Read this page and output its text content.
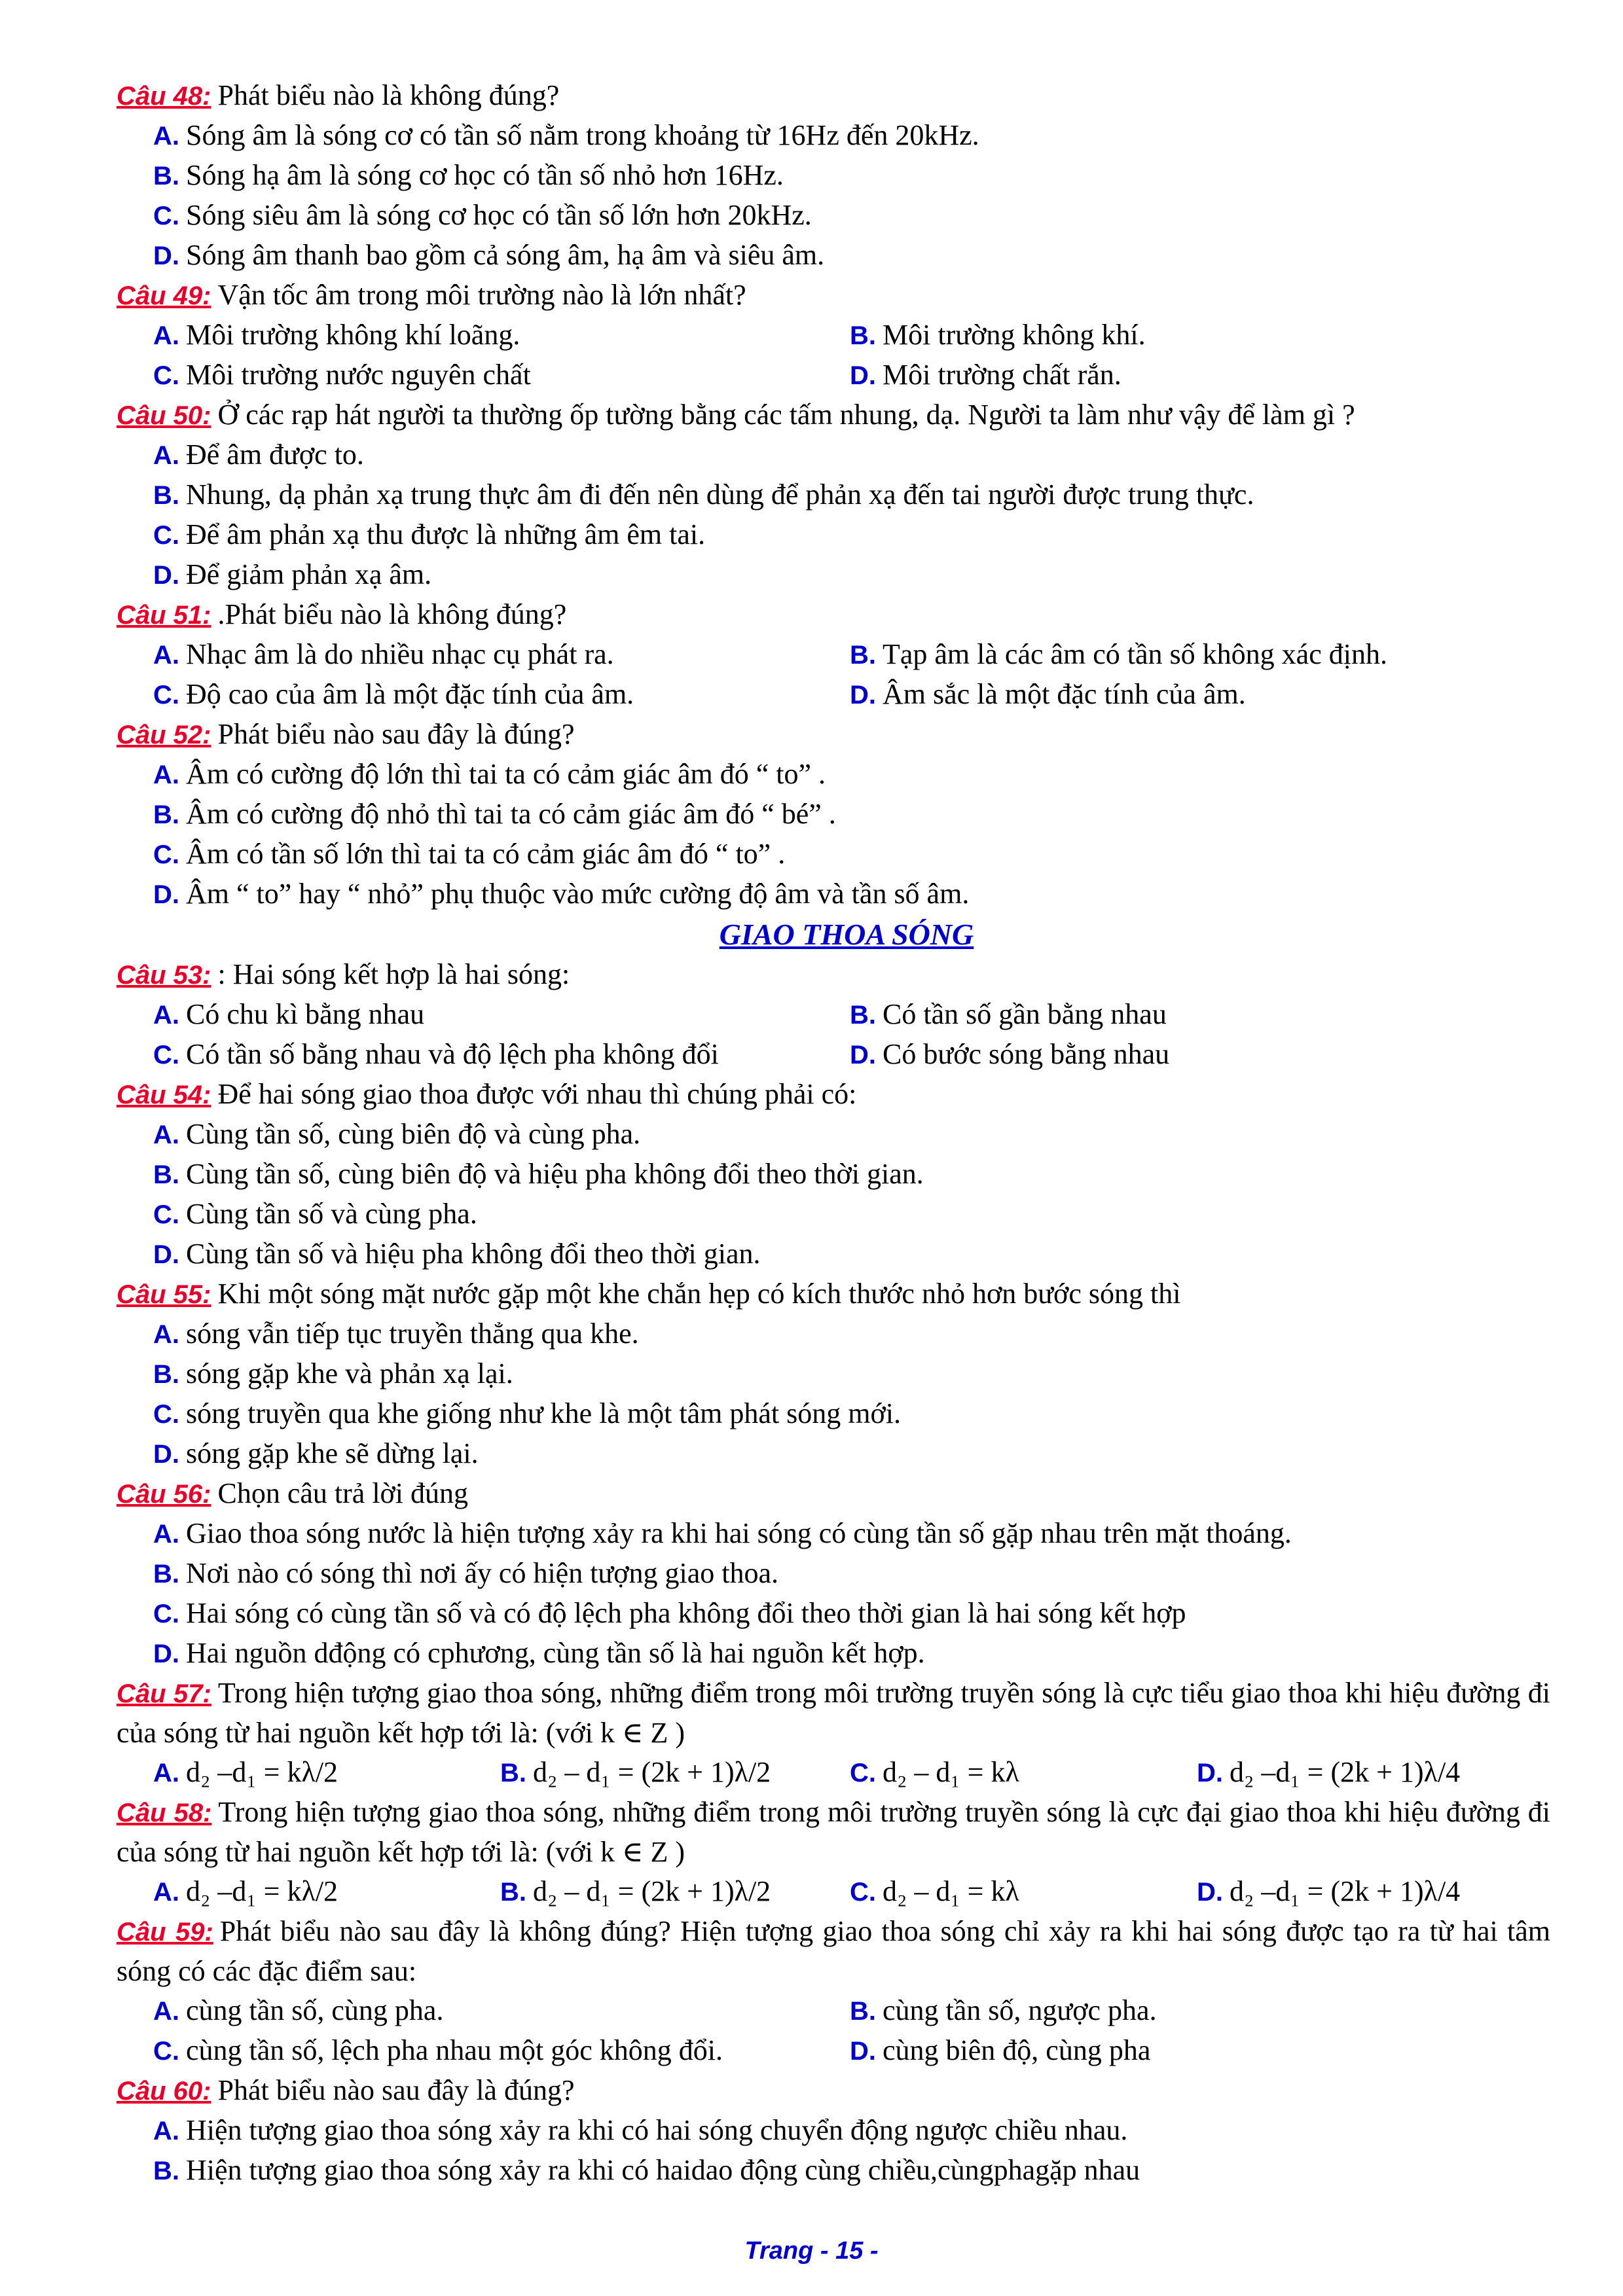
Câu 48: Phát biểu nào là không đúng?

A. Sóng âm là sóng cơ có tần số nằm trong khoảng từ 16Hz đến 20kHz.
B. Sóng hạ âm là sóng cơ học có tần số nhỏ hơn 16Hz.
C. Sóng siêu âm là sóng cơ học có tần số lớn hơn 20kHz.
D. Sóng âm thanh bao gồm cả sóng âm, hạ âm và siêu âm.

Câu 49: Vận tốc âm trong môi trường nào là lớn nhất?

A. Môi trường không khí loãng.	B. Môi trường không khí.
C. Môi trường nước nguyên chất	D. Môi trường chất rắn.

Câu 50: Ở các rạp hát người ta thường ốp tường bằng các tấm nhung, dạ. Người ta làm như vậy để làm gì ?

A. Để âm được to.
B. Nhung, dạ phản xạ trung thực âm đi đến nên dùng để phản xạ đến tai người được trung thực.
C. Để âm phản xạ thu được là những âm êm tai.
D. Để giảm phản xạ âm.

Câu 51: .Phát biểu nào là không đúng?

A. Nhạc âm là do nhiều nhạc cụ phát ra.	B. Tạp âm là các âm có tần số không xác định.
C. Độ cao của âm là một đặc tính của âm.	D. Âm sắc là một đặc tính của âm.

Câu 52: Phát biểu nào sau đây là đúng?

A. Âm có cường độ lớn thì tai ta có cảm giác âm đó “ to” .
B. Âm có cường độ nhỏ thì tai ta có cảm giác âm đó “ bé” .
C. Âm có tần số lớn thì tai ta có cảm giác âm đó “ to” .
D. Âm “ to” hay “ nhỏ” phụ thuộc vào mức cường độ âm và tần số âm.
GIAO THOA SÓNG

Câu 53: : Hai sóng kết hợp là hai sóng:

A. Có chu kì bằng nhau	B. Có tần số gần bằng nhau
C. Có tần số bằng nhau và độ lệch pha không đổi	D. Có bước sóng bằng nhau

Câu 54: Để hai sóng giao thoa được với nhau thì chúng phải có:

A. Cùng tần số, cùng biên độ và cùng pha.
B. Cùng tần số, cùng biên độ và hiệu pha không đổi theo thời gian.
C. Cùng tần số và cùng pha.
D. Cùng tần số và hiệu pha không đổi theo thời gian.

Câu 55: Khi một sóng mặt nước gặp một khe chắn hẹp có kích thước nhỏ hơn bước sóng thì

A. sóng vẫn tiếp tục truyền thẳng qua khe.
B. sóng gặp khe và phản xạ lại.
C. sóng truyền qua khe giống như khe là một tâm phát sóng mới.
D. sóng gặp khe sẽ dừng lại.

Câu 56: Chọn câu trả lời đúng

A. Giao thoa sóng nước là hiện tượng xảy ra khi hai sóng có cùng tần số gặp nhau trên mặt thoáng.
B. Nơi nào có sóng thì nơi ấy có hiện tượng giao thoa.
C. Hai sóng có cùng tần số và có độ lệch pha không đổi theo thời gian là hai sóng kết hợp
D. Hai nguồn dđộng có cphương, cùng tần số là hai nguồn kết hợp.

Câu 57: Trong hiện tượng giao thoa sóng, những điểm trong môi trường truyền sóng là cực tiểu giao thoa khi hiệu đường đi của sóng từ hai nguồn kết hợp tới là: (với k ∈ Z )

A. d₂ –d₁ = kλ/2	B. d₂ – d₁ = (2k + 1)λ/2	C. d₂ – d₁ = kλ	D. d₂ –d₁ = (2k + 1)λ/4

Câu 58: Trong hiện tượng giao thoa sóng, những điểm trong môi trường truyền sóng là cực đại giao thoa khi hiệu đường đi của sóng từ hai nguồn kết hợp tới là: (với k ∈ Z )

A. d₂ –d₁ = kλ/2	B. d₂ – d₁ = (2k + 1)λ/2	C. d₂ – d₁ = kλ	D. d₂ –d₁ = (2k + 1)λ/4

Câu 59: Phát biểu nào sau đây là không đúng? Hiện tượng giao thoa sóng chỉ xảy ra khi hai sóng được tạo ra từ hai tâm sóng có các đặc điểm sau:

A. cùng tần số, cùng pha.	B. cùng tần số, ngược pha.
C. cùng tần số, lệch pha nhau một góc không đổi.	D. cùng biên độ, cùng pha

Câu 60: Phát biểu nào sau đây là đúng?

A. Hiện tượng giao thoa sóng xảy ra khi có hai sóng chuyển động ngược chiều nhau.
B. Hiện tượng giao thoa sóng xảy ra khi có haidao động cùng chiều,cùngphagặp nhau
Trang - 15 -
